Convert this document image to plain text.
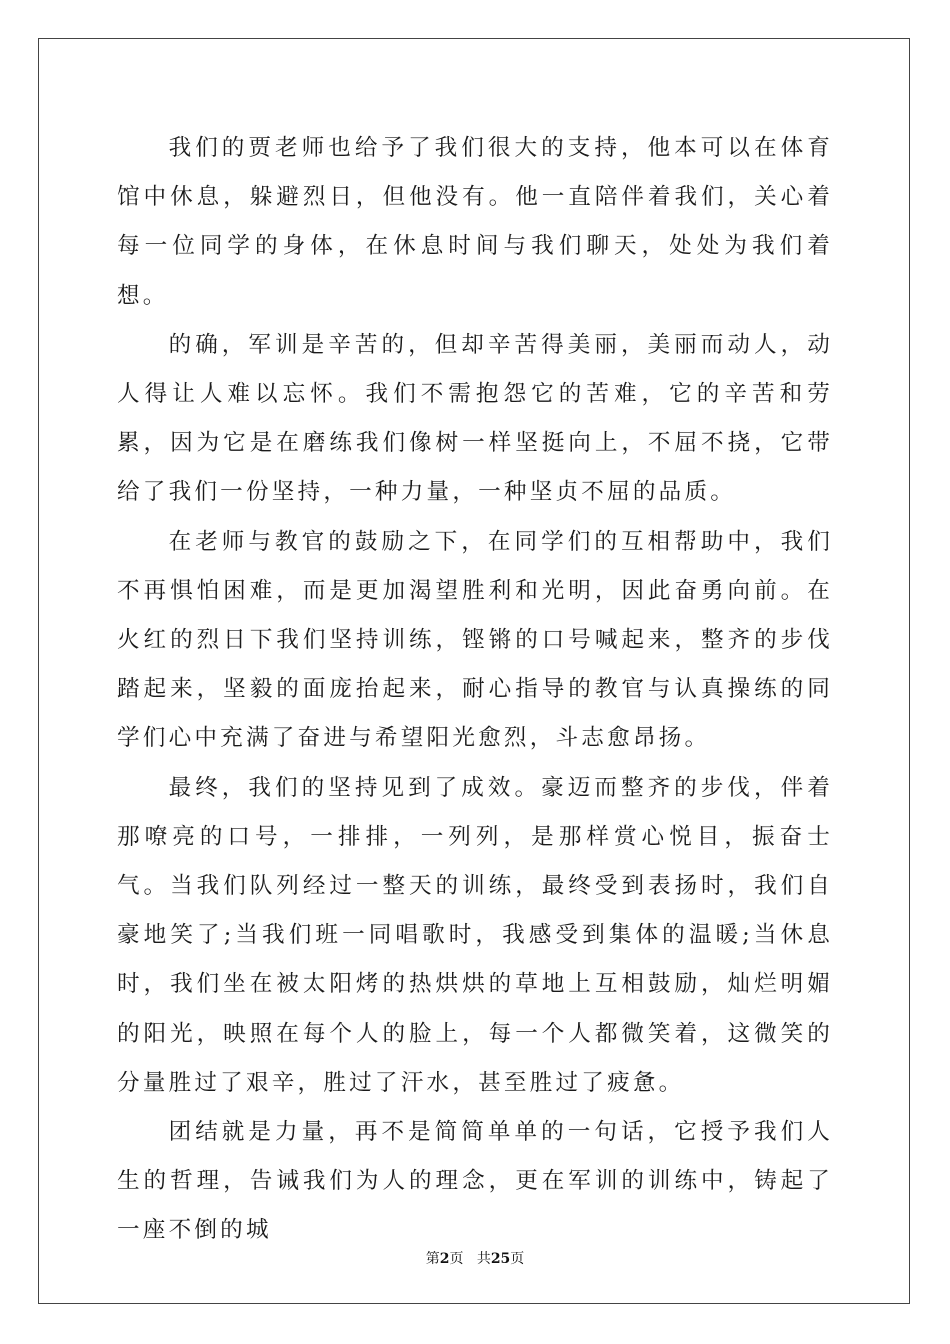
我们的贾老师也给予了我们很大的支持，他本可以在体育馆中休息，躲避烈日，但他没有。他一直陪伴着我们，关心着每一位同学的身体，在休息时间与我们聊天，处处为我们着想。

的确，军训是辛苦的，但却辛苦得美丽，美丽而动人，动人得让人难以忘怀。我们不需抱怨它的苦难，它的辛苦和劳累，因为它是在磨练我们像树一样坚挺向上，不屈不挠，它带给了我们一份坚持，一种力量，一种坚贞不屈的品质。

在老师与教官的鼓励之下，在同学们的互相帮助中，我们不再惧怕困难，而是更加渴望胜利和光明，因此奋勇向前。在火红的烈日下我们坚持训练，铿锵的口号喊起来，整齐的步伐踏起来，坚毅的面庞抬起来，耐心指导的教官与认真操练的同学们心中充满了奋进与希望阳光愈烈，斗志愈昂扬。

最终，我们的坚持见到了成效。豪迈而整齐的步伐，伴着那嘹亮的口号，一排排，一列列，是那样赏心悦目，振奋士气。当我们队列经过一整天的训练，最终受到表扬时，我们自豪地笑了;当我们班一同唱歌时，我感受到集体的温暖;当休息时，我们坐在被太阳烤的热烘烘的草地上互相鼓励，灿烂明媚的阳光，映照在每个人的脸上，每一个人都微笑着，这微笑的分量胜过了艰辛，胜过了汗水，甚至胜过了疲惫。

团结就是力量，再不是简简单单的一句话，它授予我们人生的哲理，告诫我们为人的理念，更在军训的训练中，铸起了一座不倒的城

第2页 共25页
